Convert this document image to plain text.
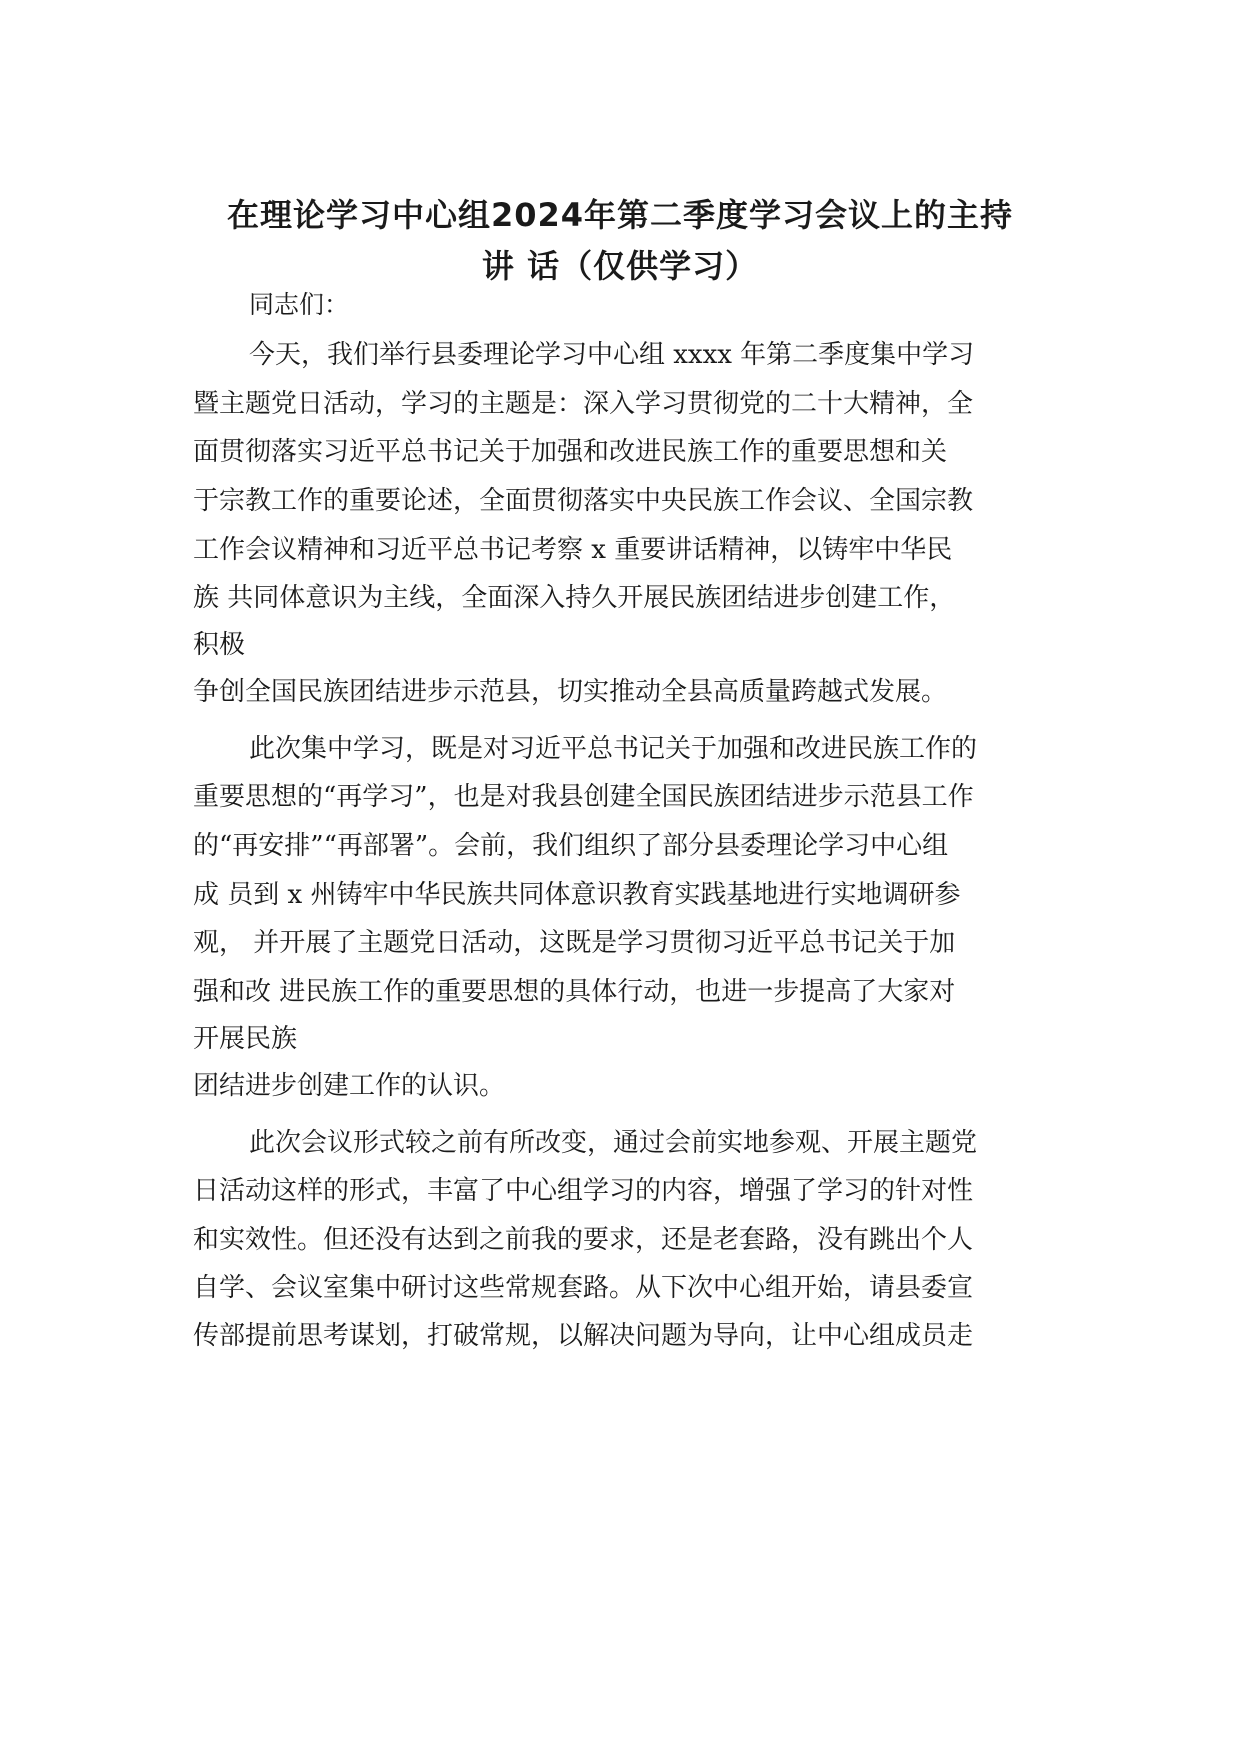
在理论学习中心组2024年第二季度学习会议上的主持
讲 话（仅供学习）
同志们：
今天，我们举行县委理论学习中心组 xxxx 年第二季度集中学习
暨主题党日活动，学习的主题是：深入学习贯彻党的二十大精神，全
面贯彻落实习近平总书记关于加强和改进民族工作的重要思想和关
于宗教工作的重要论述，全面贯彻落实中央民族工作会议、全国宗教
工作会议精神和习近平总书记考察 x 重要讲话精神，以铸牢中华民
族 共同体意识为主线，全面深入持久开展民族团结进步创建工作，
积极
争创全国民族团结进步示范县，切实推动全县高质量跨越式发展。
此次集中学习，既是对习近平总书记关于加强和改进民族工作的
重要思想的“再学习”，也是对我县创建全国民族团结进步示范县工作
的“再安排”“再部署”。会前，我们组织了部分县委理论学习中心组
成 员到 x 州铸牢中华民族共同体意识教育实践基地进行实地调研参
观， 并开展了主题党日活动，这既是学习贯彻习近平总书记关于加
强和改 进民族工作的重要思想的具体行动，也进一步提高了大家对
开展民族
团结进步创建工作的认识。
此次会议形式较之前有所改变，通过会前实地参观、开展主题党
日活动这样的形式，丰富了中心组学习的内容，增强了学习的针对性
和实效性。但还没有达到之前我的要求，还是老套路，没有跳出个人
自学、会议室集中研讨这些常规套路。从下次中心组开始，请县委宣
传部提前思考谋划，打破常规，以解决问题为导向，让中心组成员走
